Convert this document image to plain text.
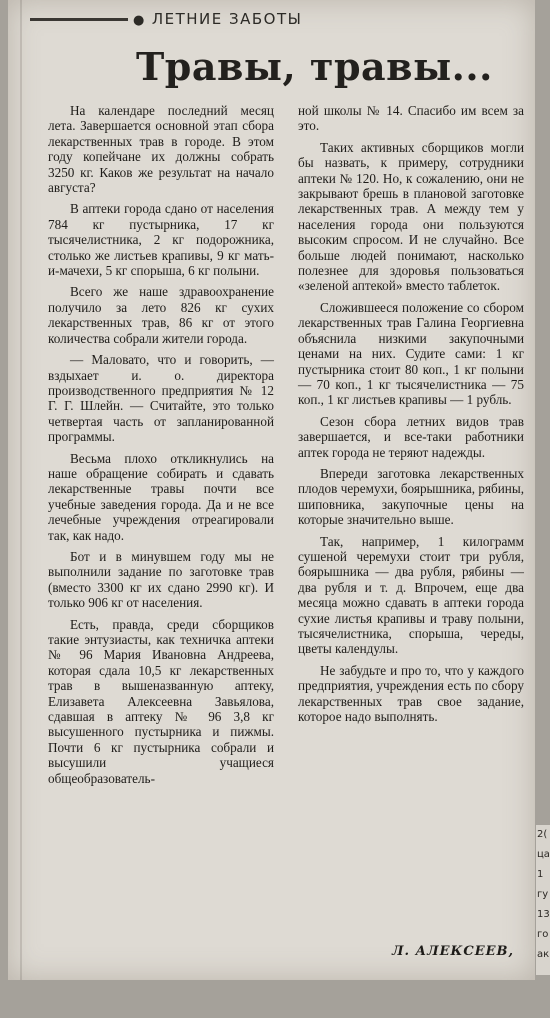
● ЛЕТНИЕ ЗАБОТЫ
Травы, травы...

На календаре последний месяц лета. Завершается основной этап сбора лекарственных трав в городе. В этом году копейчане их должны собрать 3250 кг. Каков же результат на начало августа?

В аптеки города сдано от населения 784 кг пустырника, 17 кг тысячелистника, 2 кг подорожника, столько же листьев крапивы, 9 кг мать-и-мачехи, 5 кг спорыша, 6 кг полыни.

Всего же наше здравоохранение получило за лето 826 кг сухих лекарственных трав, 86 кг от этого количества собрали жители города.

— Маловато, что и говорить, — вздыхает и. о. директора производственного предприятия № 12 Г. Г. Шлейн. — Считайте, это только четвертая часть от запланированной программы.

Весьма плохо откликнулись на наше обращение собирать и сдавать лекарственные травы почти все учебные заведения города. Да и не все лечебные учреждения отреагировали так, как надо.

Бот и в минувшем году мы не выполнили задание по заготовке трав (вместо 3300 кг их сдано 2990 кг). И только 906 кг от населения.

Есть, правда, среди сборщиков такие энтузиасты, как техничка аптеки № 96 Мария Ивановна Андреева, которая сдала 10,5 кг лекарственных трав в вышеназванную аптеку, Елизавета Алексеевна Завьялова, сдавшая в аптеку № 96 3,8 кг высушенного пустырника и пижмы. Почти 6 кг пустырника собрали и высушили учащиеся общеобразователь-

ной школы № 14. Спасибо им всем за это.

Таких активных сборщиков могли бы назвать, к примеру, сотрудники аптеки № 120. Но, к сожалению, они не закрывают брешь в плановой заготовке лекарственных трав. А между тем у населения города они пользуются высоким спросом. И не случайно. Все больше людей понимают, насколько полезнее для здоровья пользоваться «зеленой аптекой» вместо таблеток.

Сложившееся положение со сбором лекарственных трав Галина Георгиевна объяснила низкими закупочными ценами на них. Судите сами: 1 кг пустырника стоит 80 коп., 1 кг полыни — 70 коп., 1 кг тысячелистника — 75 коп., 1 кг листьев крапивы — 1 рубль.

Сезон сбора летних видов трав завершается, и все-таки работники аптек города не теряют надежды.

Впереди заготовка лекарственных плодов черемухи, боярышника, рябины, шиповника, закупочные цены на которые значительно выше.

Так, например, 1 килограмм сушеной черемухи стоит три рубля, боярышника — два рубля, рябины — два рубля и т. д. Впрочем, еще два месяца можно сдавать в аптеки города сухие листья крапивы и траву полыни, тысячелистника, спорыша, череды, цветы календулы.

Не забудьте и про то, что у каждого предприятия, учреждения есть по сбору лекарственных трав свое задание, которое надо выполнять.

Л. АЛЕКСЕЕВ,
2(
ца
1
гу
13
го
ак
